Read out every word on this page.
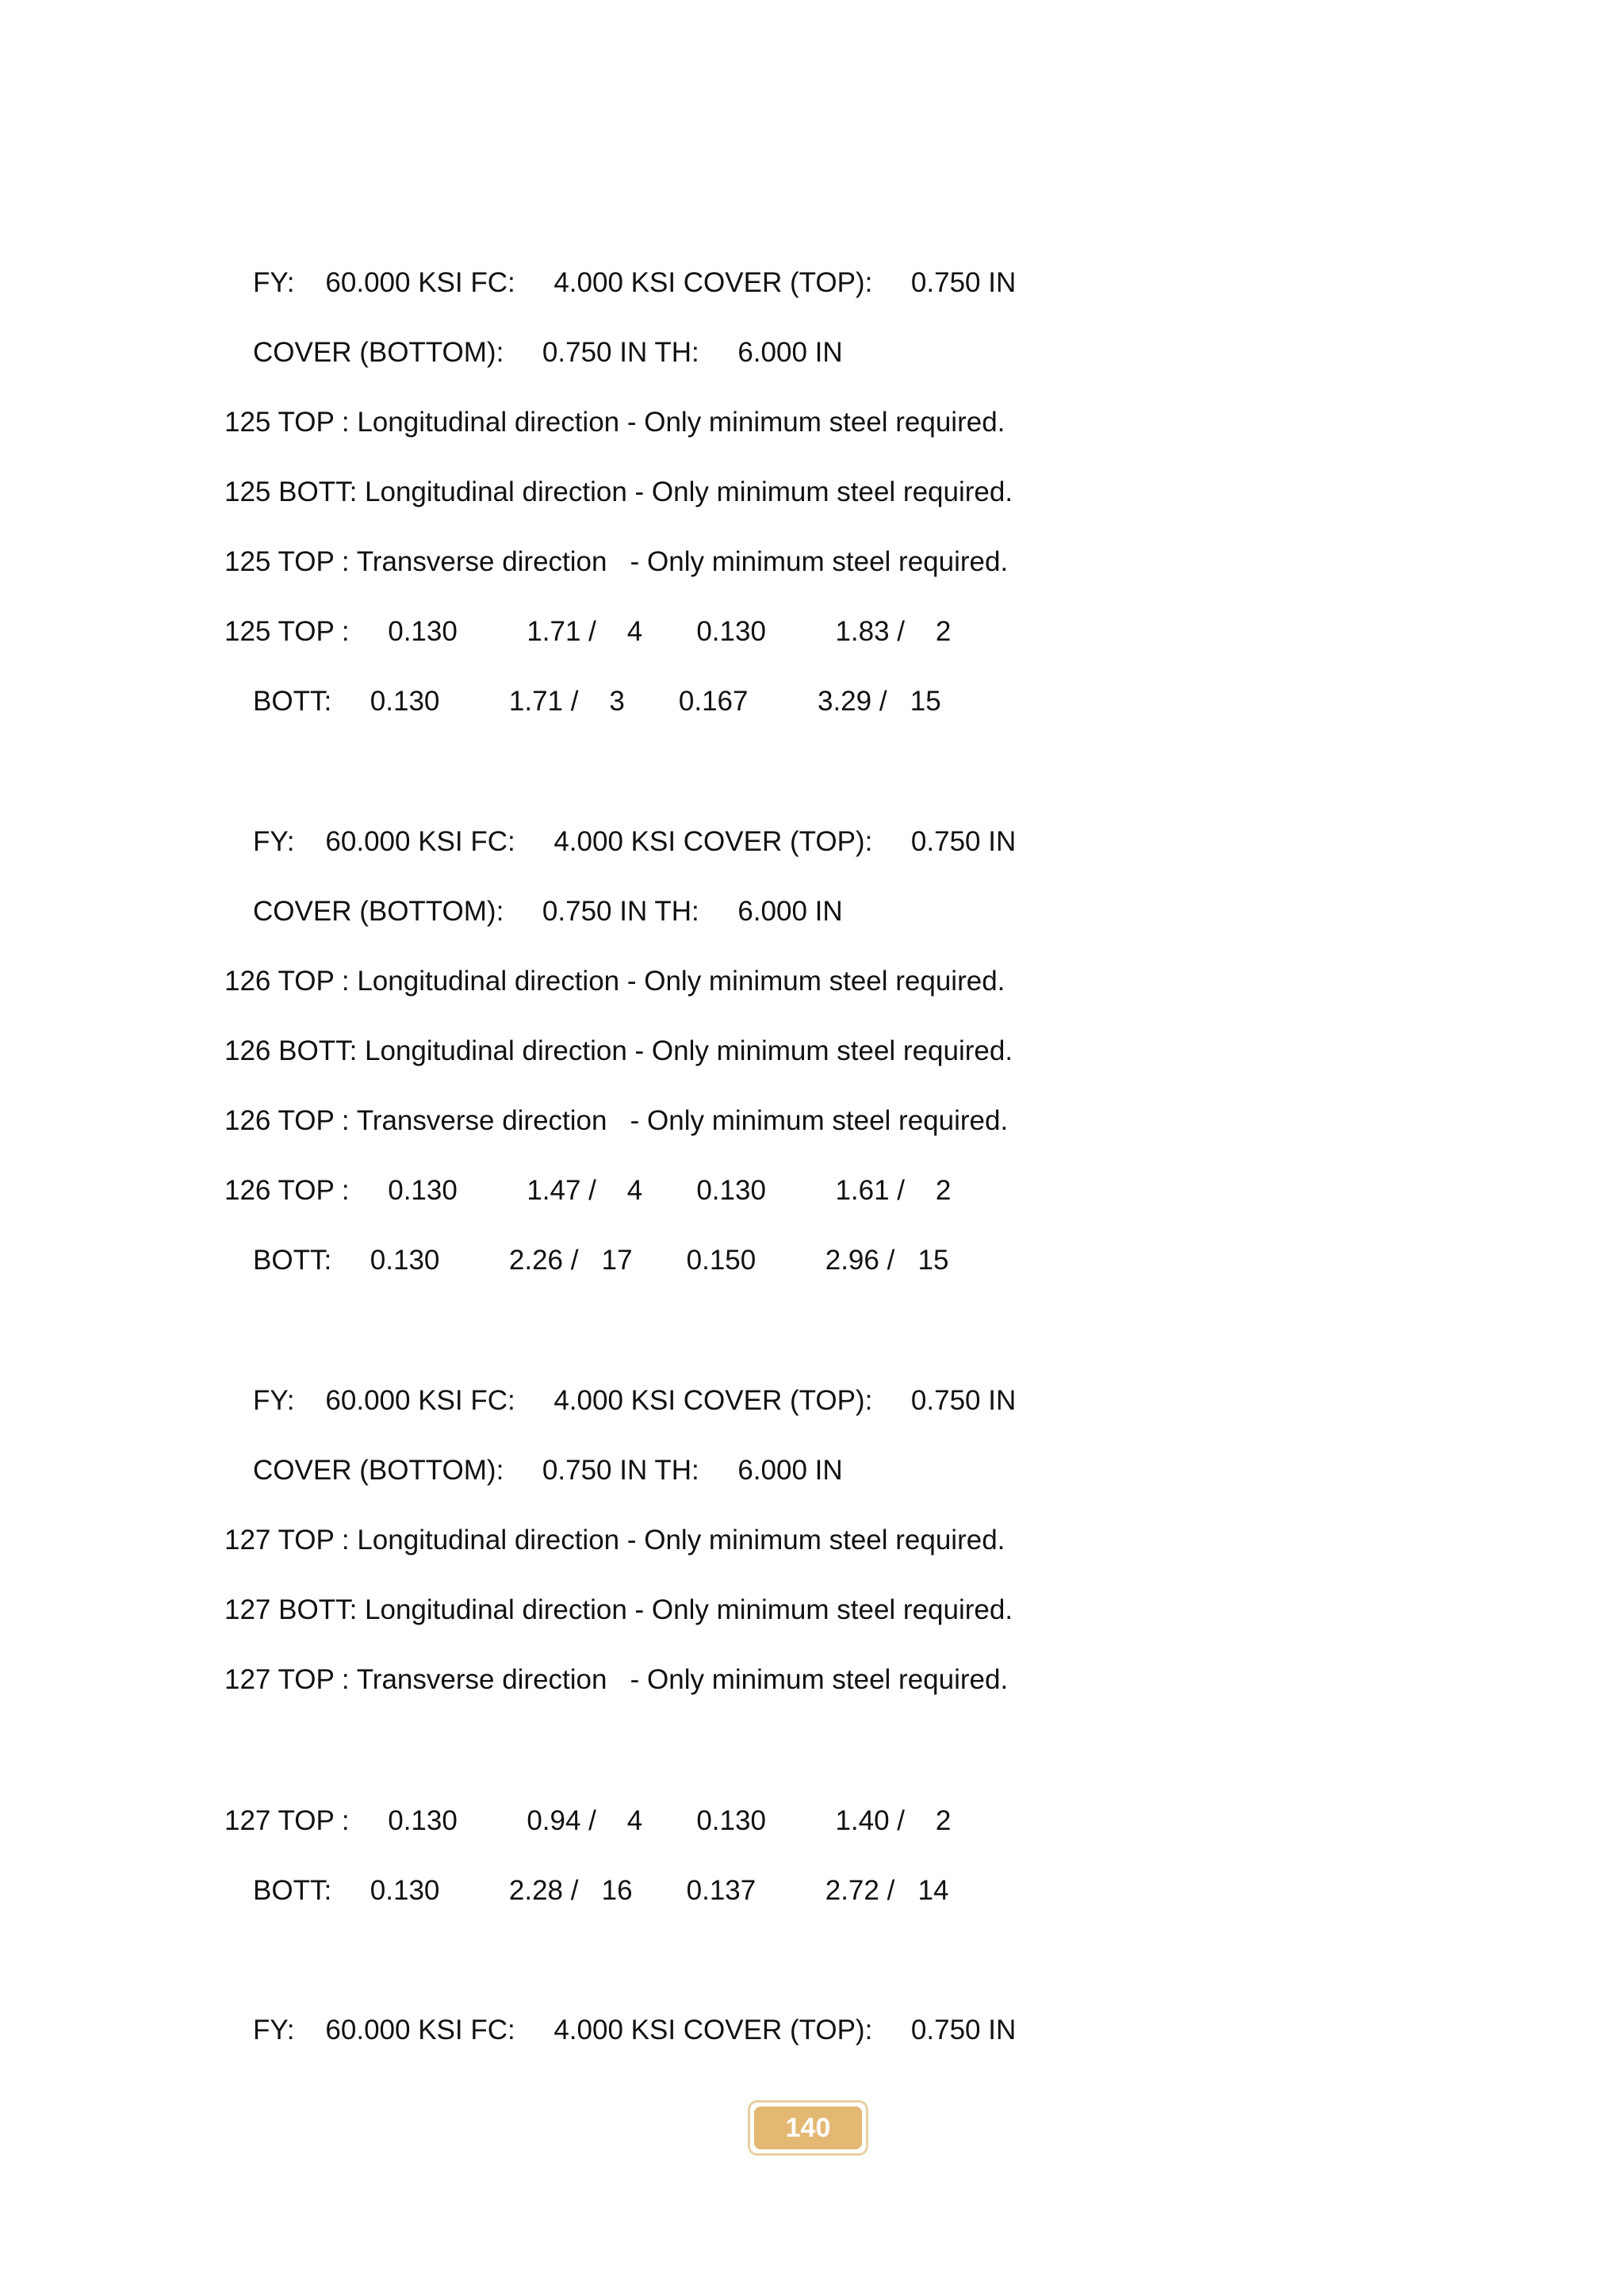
FY:    60.000 KSI FC:     4.000 KSI COVER (TOP):     0.750 IN
COVER (BOTTOM):     0.750 IN TH:     6.000 IN
125 TOP : Longitudinal direction - Only minimum steel required.
125 BOTT: Longitudinal direction - Only minimum steel required.
125 TOP : Transverse direction   - Only minimum steel required.
125 TOP :     0.130         1.71 /    4       0.130         1.83 /    2
BOTT:     0.130         1.71 /    3       0.167         3.29 /   15
FY:    60.000 KSI FC:     4.000 KSI COVER (TOP):     0.750 IN
COVER (BOTTOM):     0.750 IN TH:     6.000 IN
126 TOP : Longitudinal direction - Only minimum steel required.
126 BOTT: Longitudinal direction - Only minimum steel required.
126 TOP : Transverse direction   - Only minimum steel required.
126 TOP :     0.130         1.47 /    4       0.130         1.61 /    2
BOTT:     0.130         2.26 /   17       0.150         2.96 /   15
FY:    60.000 KSI FC:     4.000 KSI COVER (TOP):     0.750 IN
COVER (BOTTOM):     0.750 IN TH:     6.000 IN
127 TOP : Longitudinal direction - Only minimum steel required.
127 BOTT: Longitudinal direction - Only minimum steel required.
127 TOP : Transverse direction   - Only minimum steel required.
127 TOP :     0.130         0.94 /    4       0.130         1.40 /    2
BOTT:     0.130         2.28 /   16       0.137         2.72 /   14
FY:    60.000 KSI FC:     4.000 KSI COVER (TOP):     0.750 IN
140
